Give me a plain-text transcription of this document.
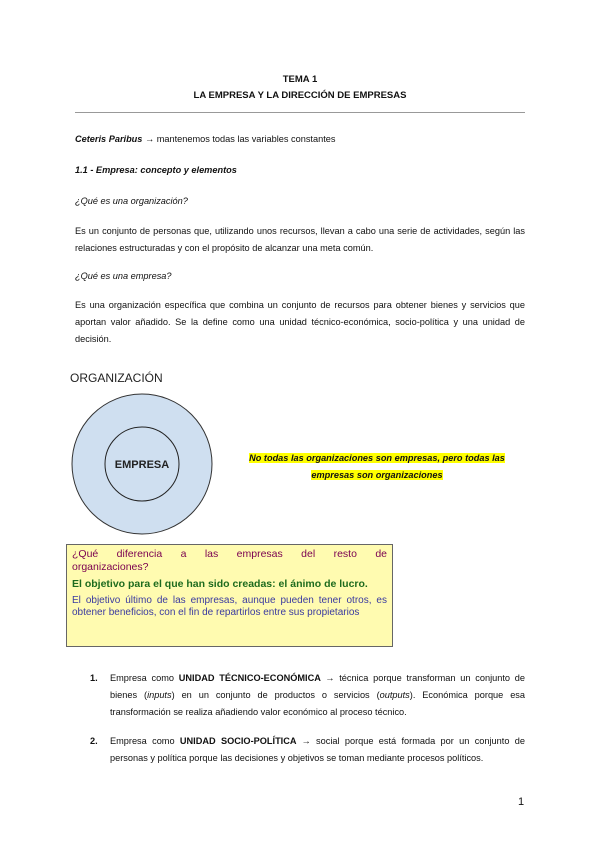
TEMA 1
LA EMPRESA Y LA DIRECCIÓN DE EMPRESAS
Ceteris Paribus → mantenemos todas las variables constantes
1.1 - Empresa: concepto y elementos
¿Qué es una organización?
Es un conjunto de personas que, utilizando unos recursos, llevan a cabo una serie de actividades, según las relaciones estructuradas y con el propósito de alcanzar una meta común.
¿Qué es una empresa?
Es una organización específica que combina un conjunto de recursos para obtener bienes y servicios que aportan valor añadido. Se la define como una unidad técnico-económica, socio-política y una unidad de decisión.
ORGANIZACIÓN
EMPRESA
No todas las organizaciones son empresas, pero todas las
empresas son organizaciones
¿Qué diferencia a las empresas del resto de
organizaciones?
El objetivo para el que han sido creadas: el ánimo de lucro.
El objetivo último de las empresas, aunque pueden tener otros, es obtener beneficios, con el fin de repartirlos entre sus propietarios
1. Empresa como UNIDAD TÉCNICO-ECONÓMICA → técnica porque transforman un conjunto de bienes (inputs) en un conjunto de productos o servicios (outputs). Económica porque esa transformación se realiza añadiendo valor económico al proceso técnico.
2. Empresa como UNIDAD SOCIO-POLÍTICA → social porque está formada por un conjunto de personas y política porque las decisiones y objetivos se toman mediante procesos políticos.
1
